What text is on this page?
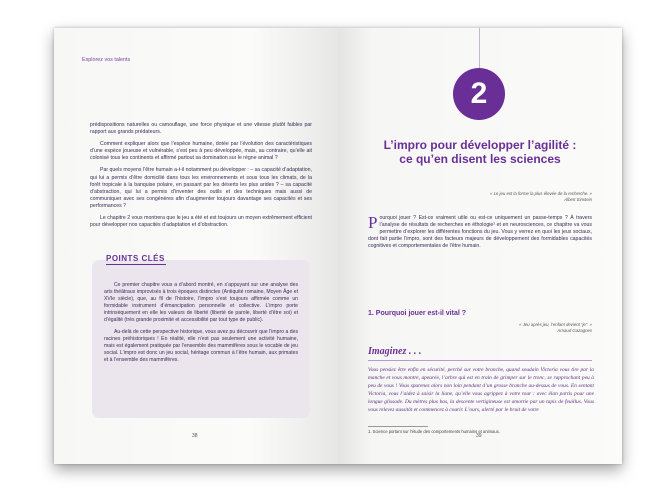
Explorez vos talents

prédispositions naturelles ou camouflage, une force physique et une vitesse plutôt faibles par rapport aux grands prédateurs.

Comment expliquer alors que l’espèce humaine, dotée par l’évolution des caractéristiques d’une espèce joueuse et vulnérable, s’est peu à peu développée, mais, au contraire, qu’elle ait colonisé tous les continents et affirmé partout sa domination sur le règne animal ?

Par quels moyens l’être humain a-t-il notamment pu développer : – sa capacité d’adaptation, qui lui a permis d’être domicilié dans tous les environnements et sous tous les climats, de la forêt tropicale à la banquise polaire, en passant par les déserts les plus arides ? – sa capacité d’abstraction, qui lui a permis d’inventer des outils et des techniques mais aussi de communiquer avec ses congénères afin d’augmenter toujours davantage ses capacités et ses performances ?

Le chapitre 2 vous montrera que le jeu a été et est toujours un moyen extrêmement efficient pour développer nos capacités d’adaptation et d’obstraction.

POINTS CLÉS

Ce premier chapitre vous a d’abord montré, en s’appuyant sur une analyse des arts théâtraux improvisés à trois époques distinctes (Antiquité romaine, Moyen Âge et XVIe siècle), que, au fil de l’histoire, l’impro s’est toujours affirmée comme un formidable instrument d’émancipation personnelle et collective. L’impro porte intrinsèquement en elle les valeurs de liberté (liberté de parole, liberté d’être soi) et d’égalité (très grande proximité et accessibilité par tout type de public).

Au-delà de cette perspective historique, vous avez pu découvrir que l’impro a des racines préhistoriques ! En réalité, elle n’est pas seulement une activité humaine, mais est également pratiquée par l’ensemble des mammifères sous le vocable de jeu social. L’impro est donc un jeu social, héritage commun à l’être humain, aux primates et à l’ensemble des mammifères.

38
2
L’impro pour développer l’agilité :
ce qu’en disent les sciences
« Le jeu est la forme la plus élevée de la recherche. »
Albert Einstein
Pourquoi jouer ? Est-ce vraiment utile ou est-ce uniquement un passe-temps ? À travers l’analyse de résultats de recherches en éthologie¹ et en neurosciences, ce chapitre va vous permettre d’explorer les différentes fonctions du jeu. Vous y verrez en quoi les jeux sociaux, dont fait partie l’impro, sont des facteurs majeurs de développement des formidables capacités cognitives et comportementales de l’être humain.
1. Pourquoi jouer est-il vital ?
« Jeu après jeu, l’enfant devient “je”. »
Arnaud Gazagnes
Imaginez . . .
Vous pensiez être enfin en sécurité, perché sur votre branche, quand soudain Victoria vous tire par la manche et vous montre, apeurée, l’arbre qui est en train de grimper sur le tronc, se rapprochant peu à peu de vous ! Vous spurenez alors non loin pendant d’un grosse branche au-dessus de vous. En sentant Victoria, vous l’aidez à saisir la liane, qu’elle vous agrippez à votre tour : avec élan partis pour une longue glissade. Du mètres plus bas, la descente vertigineuse est amortie par un tapis de feuillus. Vous vous relevez aussitôt et commencez à courir. L’ours, alerté par le bruit de votre
1. Science portant sur l’étude des comportements humains et animaux.
39
